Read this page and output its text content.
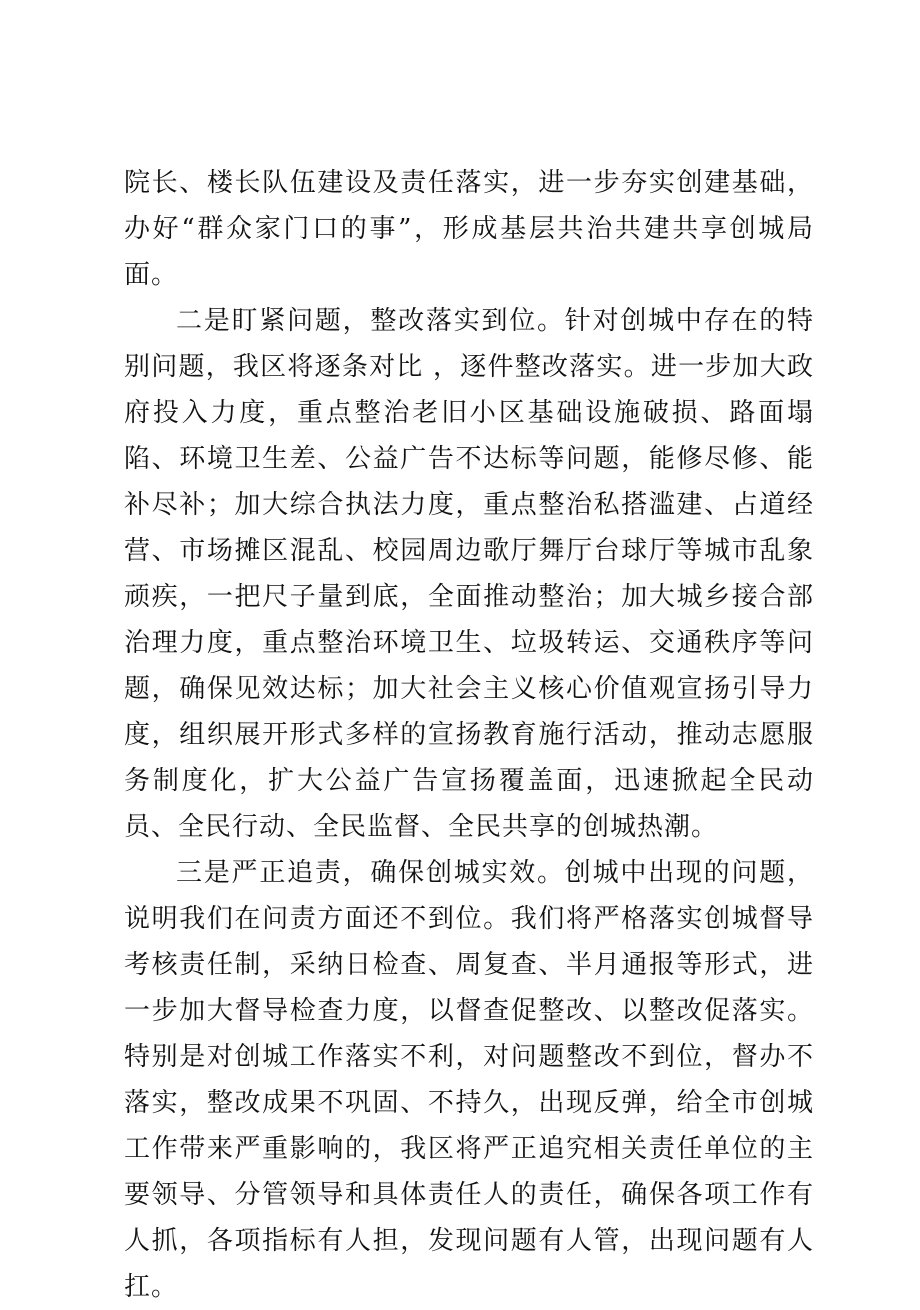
院长、楼长队伍建设及责任落实，进一步夯实创建基础，办好“群众家门口的事”，形成基层共治共建共享创城局面。

二是盯紧问题，整改落实到位。针对创城中存在的特别问题，我区将逐条对比 ，逐件整改落实。进一步加大政府投入力度，重点整治老旧小区基础设施破损、路面塌陷、环境卫生差、公益广告不达标等问题，能修尽修、能补尽补；加大综合执法力度，重点整治私搭滥建、占道经营、市场摊区混乱、校园周边歌厅舞厅台球厅等城市乱象顽疾，一把尺子量到底，全面推动整治；加大城乡接合部治理力度，重点整治环境卫生、垃圾转运、交通秩序等问题，确保见效达标；加大社会主义核心价值观宣扬引导力度，组织展开形式多样的宣扬教育施行活动，推动志愿服务制度化，扩大公益广告宣扬覆盖面，迅速掀起全民动员、全民行动、全民监督、全民共享的创城热潮。

三是严正追责，确保创城实效。创城中出现的问题，说明我们在问责方面还不到位。我们将严格落实创城督导考核责任制，采纳日检查、周复查、半月通报等形式，进一步加大督导检查力度，以督查促整改、以整改促落实。特别是对创城工作落实不利，对问题整改不到位，督办不落实，整改成果不巩固、不持久，出现反弹，给全市创城工作带来严重影响的，我区将严正追究相关责任单位的主要领导、分管领导和具体责任人的责任，确保各项工作有人抓，各项指标有人担，发现问题有人管，出现问题有人扛。
